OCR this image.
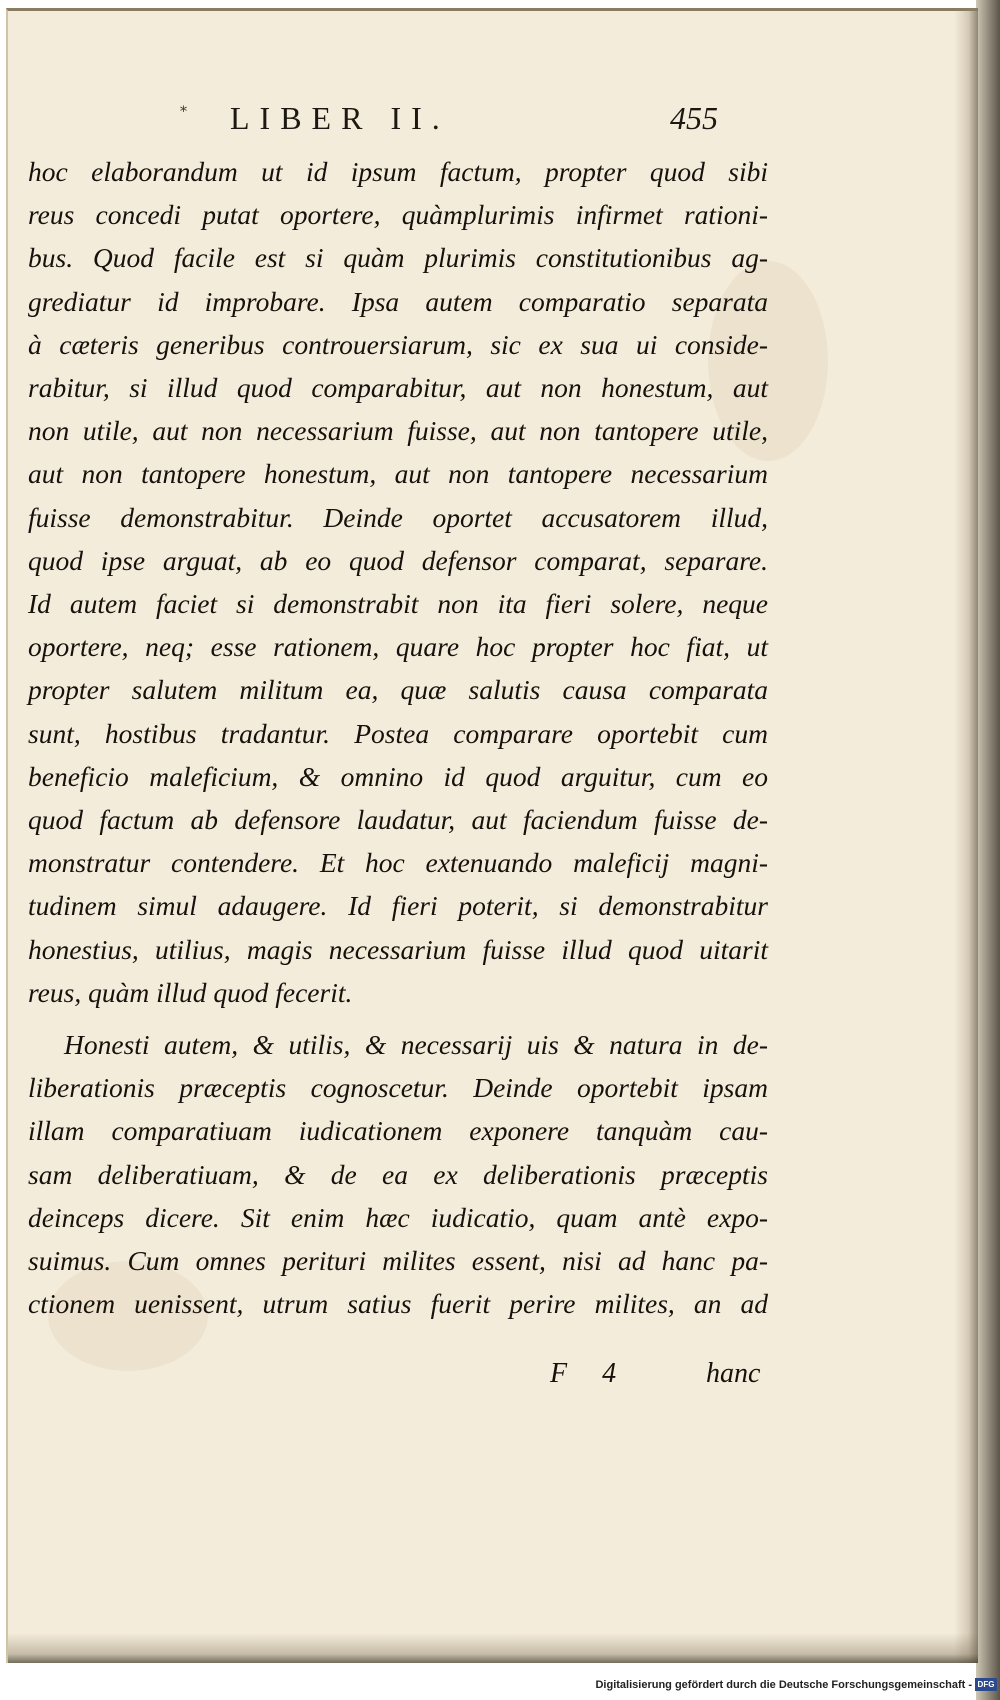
* LIBER II.	455
hoc elaborandum ut id ipsum factum, propter quod sibi
reus concedi putat oportere, quàmplurimis infirmet rationi-
bus. Quod facile est si quàm plurimis constitutionibus ag-
grediatur id improbare. Ipsa autem comparatio separata
à cæteris generibus controuersiarum, sic ex sua ui conside-
rabitur, si illud quod comparabitur, aut non honestum, aut
non utile, aut non necessarium fuisse, aut non tantopere utile,
aut non tantopere honestum, aut non tantopere necessarium
fuisse demonstrabitur. Deinde oportet accusatorem illud,
quod ipse arguat, ab eo quod defensor comparat, separare.
Id autem faciet si demonstrabit non ita fieri solere, neque
oportere, neq; esse rationem, quare hoc propter hoc fiat, ut
propter salutem militum ea, quæ salutis causa comparata
sunt, hostibus tradantur. Postea comparare oportebit cum
beneficio maleficium, & omnino id quod arguitur, cum eo
quod factum ab defensore laudatur, aut faciendum fuisse de-
monstratur contendere. Et hoc extenuando maleficij magni-
tudinem simul adaugere. Id fieri poterit, si demonstrabitur
honestius, utilius, magis necessarium fuisse illud quod uitarit
reus, quàm illud quod fecerit.
Honesti autem, & utilis, & necessarij uis & natura in de-
liberationis præceptis cognoscetur. Deinde oportebit ipsam
illam comparatiuam iudicationem exponere tanquàm cau-
sam deliberatiuam, & de ea ex deliberationis præceptis
deinceps dicere. Sit enim hæc iudicatio, quam antè expo-
suimus. Cum omnes perituri milites essent, nisi ad hanc pa-
ctionem uenissent, utrum satius fuerit perire milites, an ad
F 4	hanc
Digitalisierung gefördert durch die Deutsche Forschungsgemeinschaft - DFG
